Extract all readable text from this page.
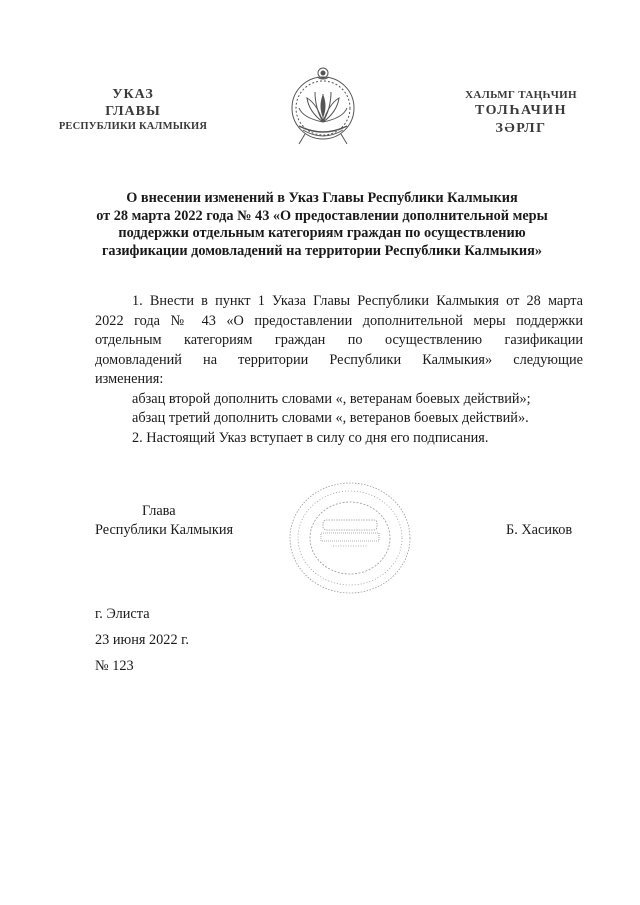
УКАЗ
ГЛАВЫ
РЕСПУБЛИКИ КАЛМЫКИЯ
ХАЛЬМГ ТАҢҺЧИН
ТОЛҺАЧИН
ЗӘРЛГ
О внесении изменений в Указ Главы Республики Калмыкия
от 28 марта 2022 года № 43 «О предоставлении дополнительной меры
поддержки отдельным категориям граждан по осуществлению
газификации домовладений на территории Республики Калмыкия»

1. Внести в пункт 1 Указа Главы Республики Калмыкия от 28 марта

2022 года № 43 «О предоставлении дополнительной меры поддержки

отдельным категориям граждан по осуществлению газификации

домовладений на территории Республики Калмыкия» следующие

изменения:

абзац второй дополнить словами «, ветеранам боевых действий»;

абзац третий дополнить словами «, ветеранов боевых действий».

2. Настоящий Указ вступает в силу со дня его подписания.

Глава
Республики Калмыкия	Б. Хасиков
г. Элиста
23 июня 2022 г.
№ 123
